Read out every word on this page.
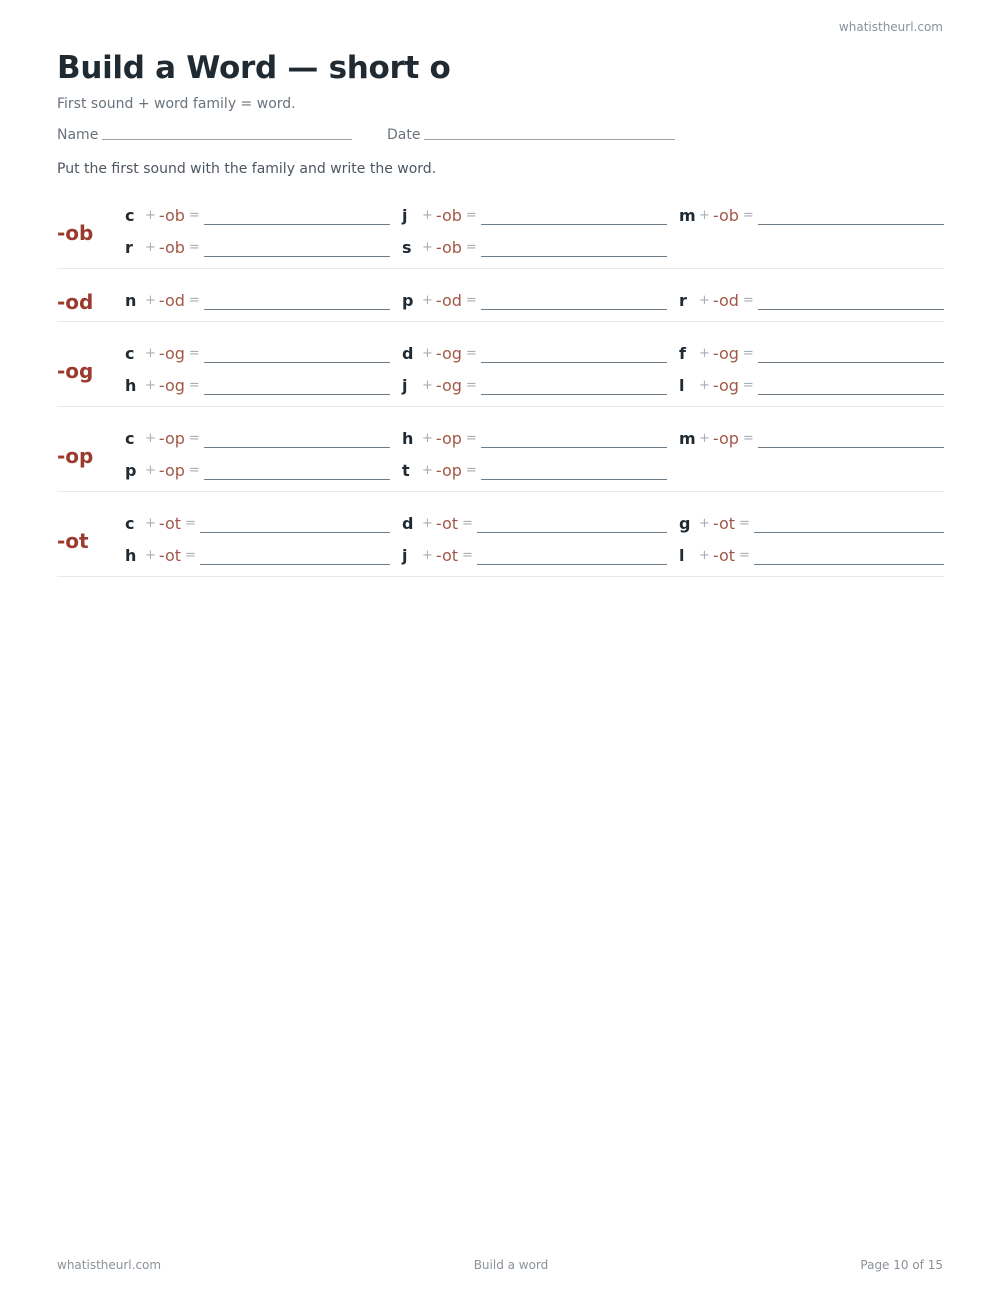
whatistheurl.com
Build a Word — short o
First sound + word family = word.
Name	Date
Put the first sound with the family and write the word.
-ob
c + -ob =	j	+ -ob =	m + -ob =
r + -ob =	s + -ob =
-od n + -od =	p + -od =	r + -od =
-og
c + -og =	d + -og =	f	+ -og =
h + -og =	j	+ -og =	l	+ -og =
-op
c + -op =	h + -op =	m + -op =
p + -op =	t + -op =
-ot
c + -ot =	d + -ot =	g + -ot =
h + -ot =	j	+ -ot =	l	+ -ot =
whatistheurl.com	Build a word	Page 10 of 15
